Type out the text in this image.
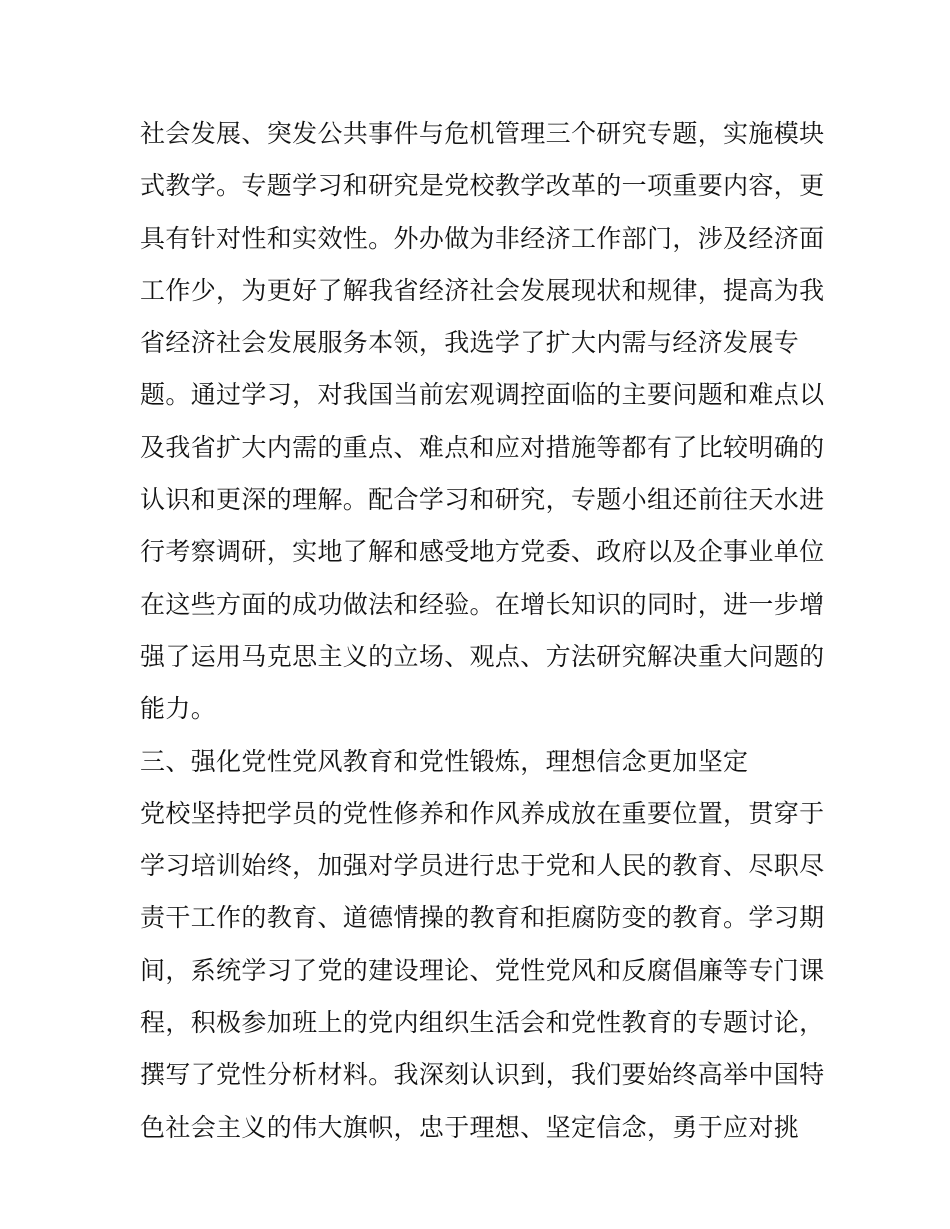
社会发展、突发公共事件与危机管理三个研究专题，实施模块
式教学。专题学习和研究是党校教学改革的一项重要内容，更
具有针对性和实效性。外办做为非经济工作部门，涉及经济面
工作少，为更好了解我省经济社会发展现状和规律，提高为我
省经济社会发展服务本领，我选学了扩大内需与经济发展专
题。通过学习，对我国当前宏观调控面临的主要问题和难点以
及我省扩大内需的重点、难点和应对措施等都有了比较明确的
认识和更深的理解。配合学习和研究，专题小组还前往天水进
行考察调研，实地了解和感受地方党委、政府以及企事业单位
在这些方面的成功做法和经验。在增长知识的同时，进一步增
强了运用马克思主义的立场、观点、方法研究解决重大问题的
能力。
三、强化党性党风教育和党性锻炼，理想信念更加坚定
党校坚持把学员的党性修养和作风养成放在重要位置，贯穿于
学习培训始终，加强对学员进行忠于党和人民的教育、尽职尽
责干工作的教育、道德情操的教育和拒腐防变的教育。学习期
间，系统学习了党的建设理论、党性党风和反腐倡廉等专门课
程，积极参加班上的党内组织生活会和党性教育的专题讨论，
撰写了党性分析材料。我深刻认识到，我们要始终高举中国特
色社会主义的伟大旗帜，忠于理想、坚定信念，勇于应对挑
